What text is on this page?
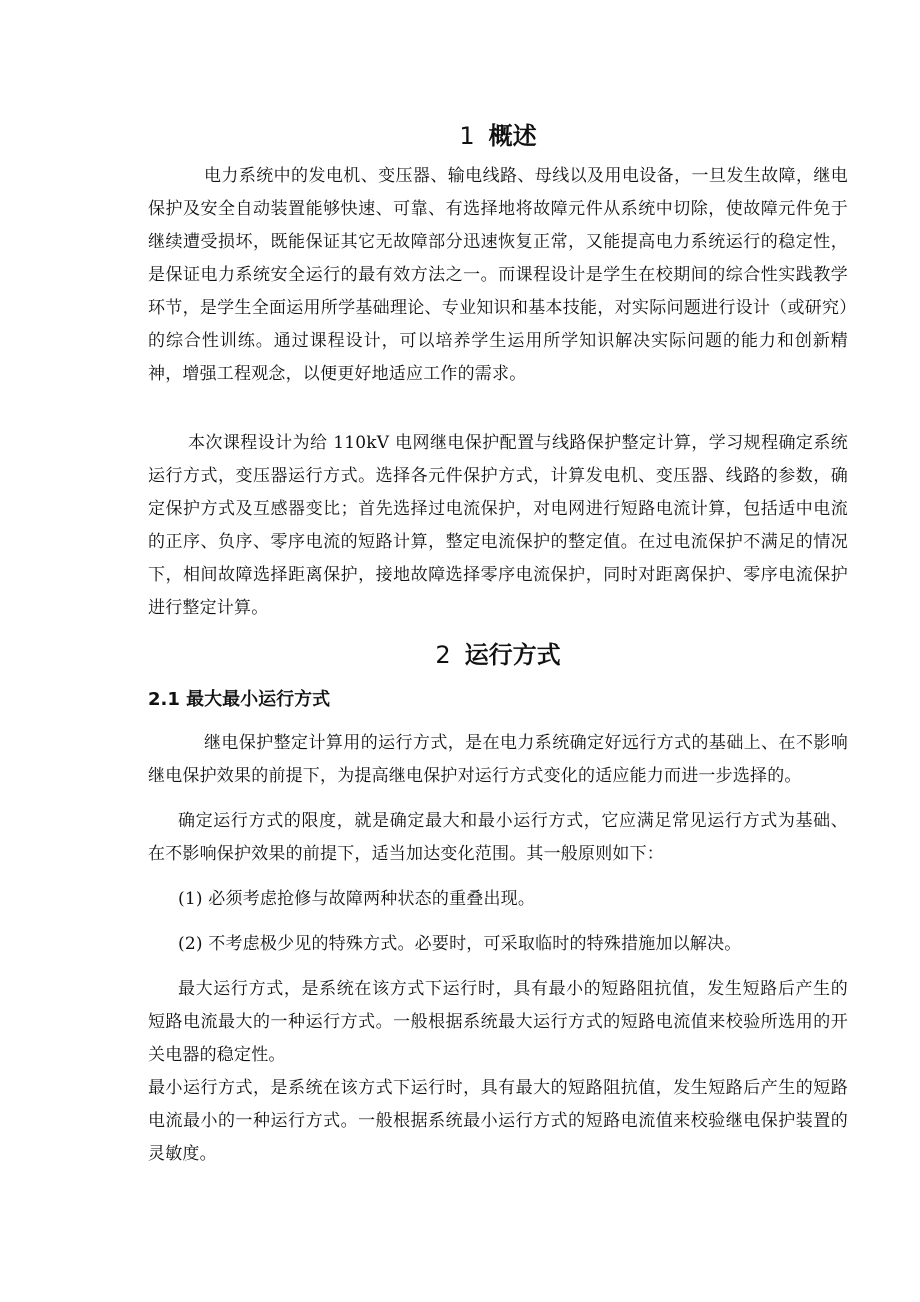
1 概述

电力系统中的发电机、变压器、输电线路、母线以及用电设备，一旦发生故障，继电保护及安全自动装置能够快速、可靠、有选择地将故障元件从系统中切除，使故障元件免于继续遭受损坏，既能保证其它无故障部分迅速恢复正常，又能提高电力系统运行的稳定性，是保证电力系统安全运行的最有效方法之一。而课程设计是学生在校期间的综合性实践教学环节，是学生全面运用所学基础理论、专业知识和基本技能，对实际问题进行设计（或研究）的综合性训练。通过课程设计，可以培养学生运用所学知识解决实际问题的能力和创新精神，增强工程观念，以便更好地适应工作的需求。

本次课程设计为给 110kV 电网继电保护配置与线路保护整定计算，学习规程确定系统运行方式，变压器运行方式。选择各元件保护方式，计算发电机、变压器、线路的参数，确定保护方式及互感器变比；首先选择过电流保护，对电网进行短路电流计算，包括适中电流的正序、负序、零序电流的短路计算，整定电流保护的整定值。在过电流保护不满足的情况下，相间故障选择距离保护，接地故障选择零序电流保护，同时对距离保护、零序电流保护进行整定计算。

2 运行方式
2.1 最大最小运行方式

继电保护整定计算用的运行方式，是在电力系统确定好远行方式的基础上、在不影响继电保护效果的前提下，为提高继电保护对运行方式变化的适应能力而进一步选择的。

确定运行方式的限度，就是确定最大和最小运行方式，它应满足常见运行方式为基础、在不影响保护效果的前提下，适当加达变化范围。其一般原则如下：

(1) 必须考虑抢修与故障两种状态的重叠出现。

(2) 不考虑极少见的特殊方式。必要时，可采取临时的特殊措施加以解决。

最大运行方式，是系统在该方式下运行时，具有最小的短路阻抗值，发生短路后产生的短路电流最大的一种运行方式。一般根据系统最大运行方式的短路电流值来校验所选用的开关电器的稳定性。

最小运行方式，是系统在该方式下运行时，具有最大的短路阻抗值，发生短路后产生的短路电流最小的一种运行方式。一般根据系统最小运行方式的短路电流值来校验继电保护装置的灵敏度。
